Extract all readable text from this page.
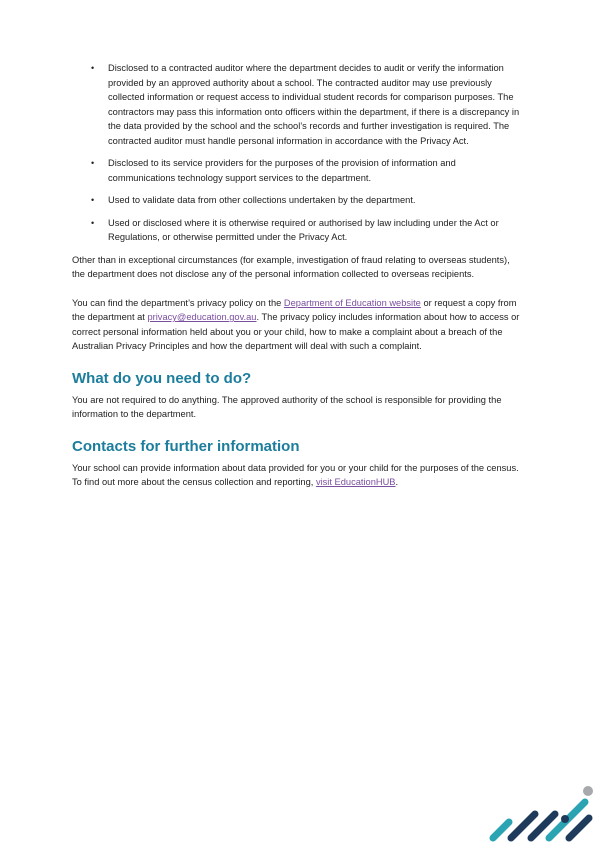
• Disclosed to a contracted auditor where the department decides to audit or verify the information provided by an approved authority about a school. The contracted auditor may use previously collected information or request access to individual student records for comparison purposes. The contractors may pass this information onto officers within the department, if there is a discrepancy in the data provided by the school and the school’s records and further investigation is required. The contracted auditor must handle personal information in accordance with the Privacy Act.
• Disclosed to its service providers for the purposes of the provision of information and communications technology support services to the department.
• Used to validate data from other collections undertaken by the department.
• Used or disclosed where it is otherwise required or authorised by law including under the Act or Regulations, or otherwise permitted under the Privacy Act.

Other than in exceptional circumstances (for example, investigation of fraud relating to overseas students), the department does not disclose any of the personal information collected to overseas recipients.

You can find the department’s privacy policy on the Department of Education website or request a copy from the department at privacy@education.gov.au. The privacy policy includes information about how to access or correct personal information held about you or your child, how to make a complaint about a breach of the Australian Privacy Principles and how the department will deal with such a complaint.

What do you need to do?

You are not required to do anything. The approved authority of the school is responsible for providing the information to the department.

Contacts for further information

Your school can provide information about data provided for you or your child for the purposes of the census. To find out more about the census collection and reporting, visit EducationHUB.
